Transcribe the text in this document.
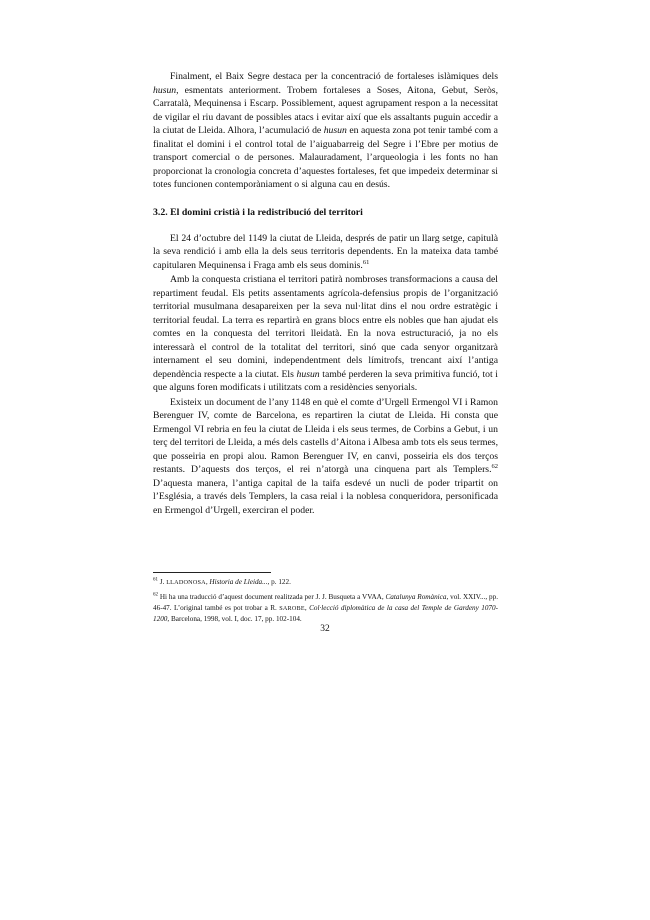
Finalment, el Baix Segre destaca per la concentració de fortaleses islàmiques dels husun, esmentats anteriorment. Trobem fortaleses a Soses, Aitona, Gebut, Seròs, Carratalà, Mequinensa i Escarp. Possiblement, aquest agrupament respon a la necessitat de vigilar el riu davant de possibles atacs i evitar així que els assaltants puguin accedir a la ciutat de Lleida. Alhora, l’acumulació de husun en aquesta zona pot tenir també com a finalitat el domini i el control total de l’aiguabarreig del Segre i l’Ebre per motius de transport comercial o de persones. Malauradament, l’arqueologia i les fonts no han proporcionat la cronologia concreta d’aquestes fortaleses, fet que impedeix determinar si totes funcionen contemporàniament o si alguna cau en desús.

3.2. El domini cristià i la redistribució del territori

El 24 d’octubre del 1149 la ciutat de Lleida, després de patir un llarg setge, capitulà la seva rendició i amb ella la dels seus territoris dependents. En la mateixa data també capitularen Mequinensa i Fraga amb els seus dominis.$^{61}$

Amb la conquesta cristiana el territori patirà nombroses transformacions a causa del repartiment feudal. Els petits assentaments agrícola-defensius propis de l’organització territorial musulmana desapareixen per la seva nul·litat dins el nou ordre estratègic i territorial feudal. La terra es repartirà en grans blocs entre els nobles que han ajudat els comtes en la conquesta del territori lleidatà. En la nova estructuració, ja no els interessarà el control de la totalitat del territori, sinó que cada senyor organitzarà internament el seu domini, independentment dels límitrofs, trencant així l’antiga dependència respecte a la ciutat. Els husun també perderen la seva primitiva funció, tot i que alguns foren modificats i utilitzats com a residències senyorials.

Existeix un document de l’any 1148 en què el comte d’Urgell Ermengol VI i Ramon Berenguer IV, comte de Barcelona, es repartiren la ciutat de Lleida. Hi consta que Ermengol VI rebria en feu la ciutat de Lleida i els seus termes, de Corbins a Gebut, i un terç del territori de Lleida, a més dels castells d’Aitona i Albesa amb tots els seus termes, que posseiria en propi alou. Ramon Berenguer IV, en canvi, posseiria els dos terços restants. D’aquests dos terços, el rei n’atorgà una cinquena part als Templers.$^{62}$ D’aquesta manera, l’antiga capital de la taifa esdevé un nucli de poder tripartit on l’Església, a través dels Templers, la casa reial i la noblesa conqueridora, personificada en Ermengol d’Urgell, exerciran el poder.

$^{61}$ J. LLADONOSA, Historia de Lleida..., p. 122.

$^{62}$ Hi ha una traducció d’aquest document realitzada per J. J. Busqueta a VVAA, Catalunya Romànica, vol. XXIV..., pp. 46-47. L’original també es pot trobar a R. SAROBE, Col·lecció diplomàtica de la casa del Temple de Gardeny 1070-1200, Barcelona, 1998, vol. I, doc. 17, pp. 102-104.

32
